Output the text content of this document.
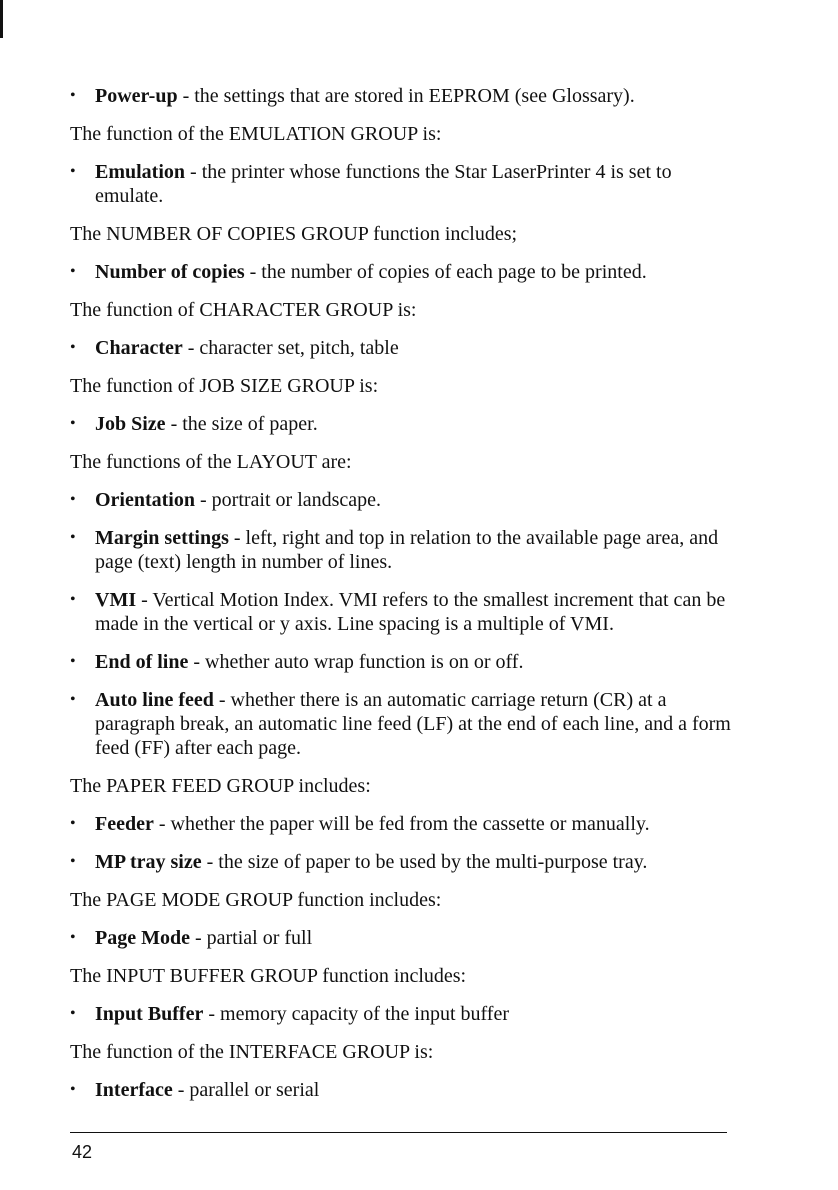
• Power-up - the settings that are stored in EEPROM (see Glossary).
The function of the EMULATION GROUP is:
• Emulation - the printer whose functions the Star LaserPrinter 4 is set to emulate.
The NUMBER OF COPIES GROUP function includes;
• Number of copies - the number of copies of each page to be printed.
The function of CHARACTER GROUP is:
• Character - character set, pitch, table
The function of JOB SIZE GROUP is:
• Job Size - the size of paper.
The functions of the LAYOUT are:
• Orientation - portrait or landscape.
• Margin settings - left, right and top in relation to the available page area, and page (text) length in number of lines.
• VMI - Vertical Motion Index. VMI refers to the smallest increment that can be made in the vertical or y axis. Line spacing is a multiple of VMI.
• End of line - whether auto wrap function is on or off.
• Auto line feed - whether there is an automatic carriage return (CR) at a paragraph break, an automatic line feed (LF) at the end of each line, and a form feed (FF) after each page.
The PAPER FEED GROUP includes:
• Feeder - whether the paper will be fed from the cassette or manually.
• MP tray size - the size of paper to be used by the multi-purpose tray.
The PAGE MODE GROUP function includes:
• Page Mode - partial or full
The INPUT BUFFER GROUP function includes:
• Input Buffer - memory capacity of the input buffer
The function of the INTERFACE GROUP is:
• Interface - parallel or serial
42
